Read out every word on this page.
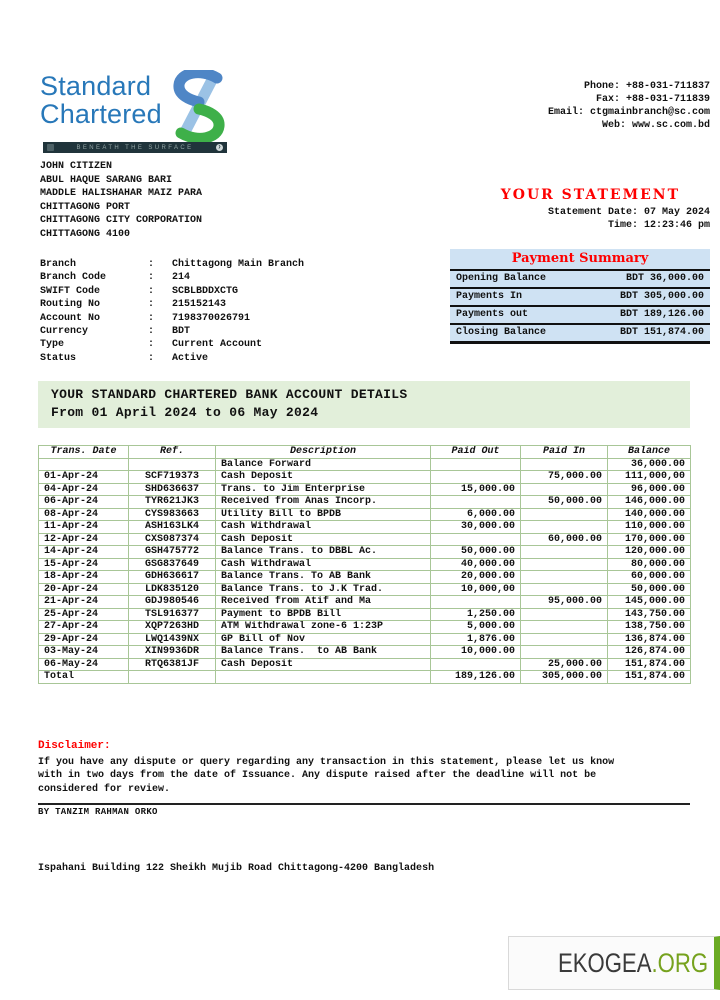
Standard
Chartered
BENEATH THE SURFACE	❯
Phone: +88-031-711837
Fax: +88-031-711839
Email: ctgmainbranch@sc.com
Web: www.sc.com.bd
JOHN CITIZEN
ABUL HAQUE SARANG BARI
MADDLE HALISHAHAR MAIZ PARA
CHITTAGONG PORT
CHITTAGONG CITY CORPORATION
CHITTAGONG 4100
YOUR STATEMENT
Statement Date: 07 May 2024
Time: 12:23:46 pm
Branch	:	Chittagong Main Branch
Branch Code	:	214
SWIFT Code	:	SCBLBDDXCTG
Routing No	:	215152143
Account No	:	7198370026791
Currency	:	BDT
Type	:	Current Account
Status	:	Active
Payment Summary
Opening Balance	BDT 36,000.00
Payments In	BDT 305,000.00
Payments out	BDT 189,126.00
Closing Balance	BDT 151,874.00
YOUR STANDARD CHARTERED BANK ACCOUNT DETAILS
From 01 April 2024 to 06 May 2024
Trans. Date	Ref.	Description	Paid Out	Paid In	Balance
		Balance Forward			36,000.00
01-Apr-24	SCF719373	Cash Deposit		75,000.00	111,000,00
04-Apr-24	SHD636637	Trans. to Jim Enterprise	15,000.00		96,000.00
06-Apr-24	TYR621JK3	Received from Anas Incorp.		50,000.00	146,000.00
08-Apr-24	CYS983663	Utility Bill to BPDB	6,000.00		140,000.00
11-Apr-24	ASH163LK4	Cash Withdrawal	30,000.00		110,000.00
12-Apr-24	CXS087374	Cash Deposit		60,000.00	170,000.00
14-Apr-24	GSH475772	Balance Trans. to DBBL Ac.	50,000.00		120,000.00
15-Apr-24	GSG837649	Cash Withdrawal	40,000.00		80,000.00
18-Apr-24	GDH636617	Balance Trans. To AB Bank	20,000.00		60,000.00
20-Apr-24	LDK835120	Balance Trans. to J.K Trad.	10,000,00		50,000.00
21-Apr-24	GDJ980546	Received from Atif and Ma		95,000.00	145,000.00
25-Apr-24	TSL916377	Payment to BPDB Bill	1,250.00		143,750.00
27-Apr-24	XQP7263HD	ATM Withdrawal zone-6 1:23P	5,000.00		138,750.00
29-Apr-24	LWQ1439NX	GP Bill of Nov	1,876.00		136,874.00
03-May-24	XIN9936DR	Balance Trans.  to AB Bank	10,000.00		126,874.00
06-May-24	RTQ6381JF	Cash Deposit		25,000.00	151,874.00
Total			189,126.00	305,000.00	151,874.00
Disclaimer:
If you have any dispute or query regarding any transaction in this statement, please let us know
with in two days from the date of Issuance. Any dispute raised after the deadline will not be
considered for review.
BY TANZIM RAHMAN ORKO
Ispahani Building 122 Sheikh Mujib Road Chittagong-4200 Bangladesh
EKOGEA.ORG
